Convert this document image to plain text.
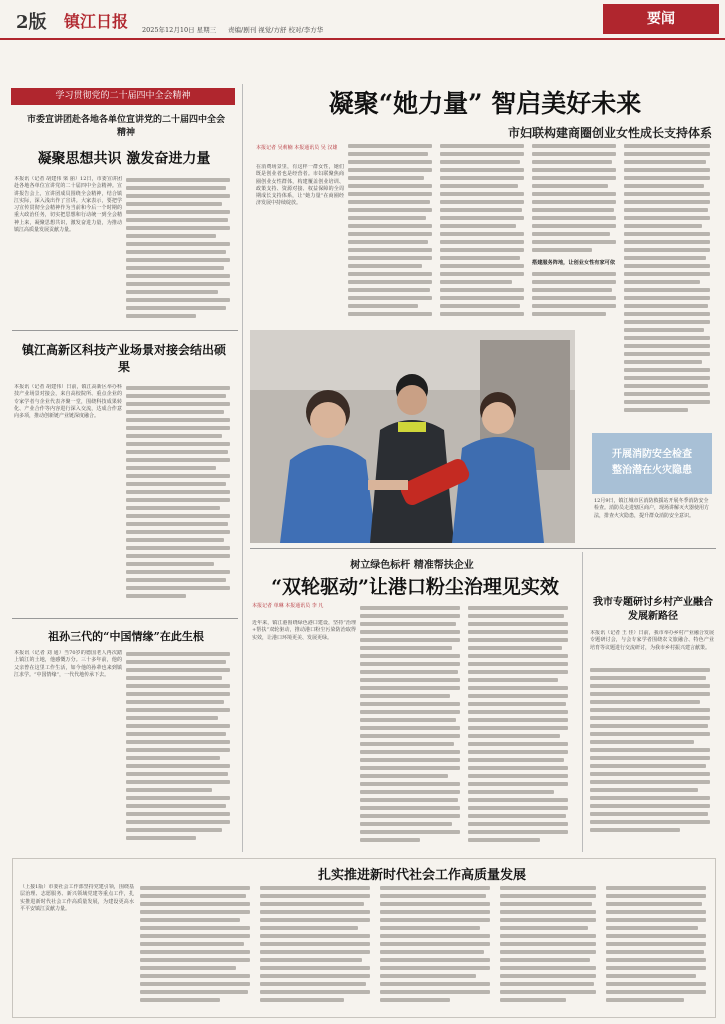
2版 镇江日报 2025年12月10日 星期三 责编/剧刊 视觉/方舒 校对/李方华
要闻
学习贯彻党的二十届四中全会精神
市委宣讲团赴各地各单位宣讲党的二十届四中全会精神
凝聚思想共识 激发奋进力量
本报讯（记者 胡建伟 梁 丽）12日，市委宣讲团赴各地各单位宣讲党的二十届四中全会精神。宣讲报告会上，宣讲团成员围绕全会精神，结合镇江实际，深入浅出作了宣讲。大家表示，要把学习宣传贯彻全会精神作为当前和今后一个时期的重大政治任务，切实把思想和行动统一到全会精神上来，凝聚思想共识，激发奋进力量，为推动镇江高质量发展贡献力量。
镇江高新区科技产业场景对接会结出硕果
本报讯（记者 胡建伟）日前，镇江高新区举办科技产业场景对接会，来自高校院所、重点企业的专家学者与企业代表齐聚一堂，围绕科技成果转化、产业合作等内容进行深入交流，达成合作意向多项，推动创新链产业链深度融合。
祖孙三代的“中国情缘”在此生根
本报讯（记者 刘 通）当70岁的德国老人再次踏上镇江的土地，他感慨万分。三十多年前，他的父亲曾在这里工作生活，如今他的孙辈也来到镇江求学。“中国情缘”，一代代地传承下去。
凝聚“她力量” 智启美好未来
市妇联构建商圈创业女性成长支持体系
本报记者 吴莉楠 本报通讯员 吴 汉雄
在消费场景里，有这样一群女性，她们既是创业者也是经营者。市妇联聚焦商圈创业女性群体，构建覆盖创业培训、政策支持、资源对接、权益保障的全周期成长支持体系，让“她力量”在商圈经济发展中持续绽放。
搭建服务阵地，让创业女性有家可依
开展消防安全检查
整治潜在火灾隐患
12月9日，镇江城市区消防救援站开展冬季消防安全检查。消防员走进辖区商户，现场讲解灭火器使用方法，排查火灾隐患，提升群众消防安全意识。
树立绿色标杆 精准帮扶企业
“双轮驱动”让港口粉尘治理见实效
本报记者 单琳 本报通讯员 李 凡
近年来，镇江港围绕绿色港口建设，坚持“治理+帮扶”双轮驱动，推动港口粉尘污染防治取得实效，让港口环境更美、发展更绿。
我市专题研讨乡村产业融合发展新路径
本报讯（记者 王 佳）日前，我市举办乡村产业融合发展专题研讨会，与会专家学者围绕农文旅融合、特色产业培育等议题进行交流研讨，为我市乡村振兴建言献策。
扎实推进新时代社会工作高质量发展
（上接1版）市委社会工作部坚持党建引领，围绕基层治理、志愿服务、新兴领域党建等重点工作，扎实推进新时代社会工作高质量发展，为建设更高水平平安镇江贡献力量。
